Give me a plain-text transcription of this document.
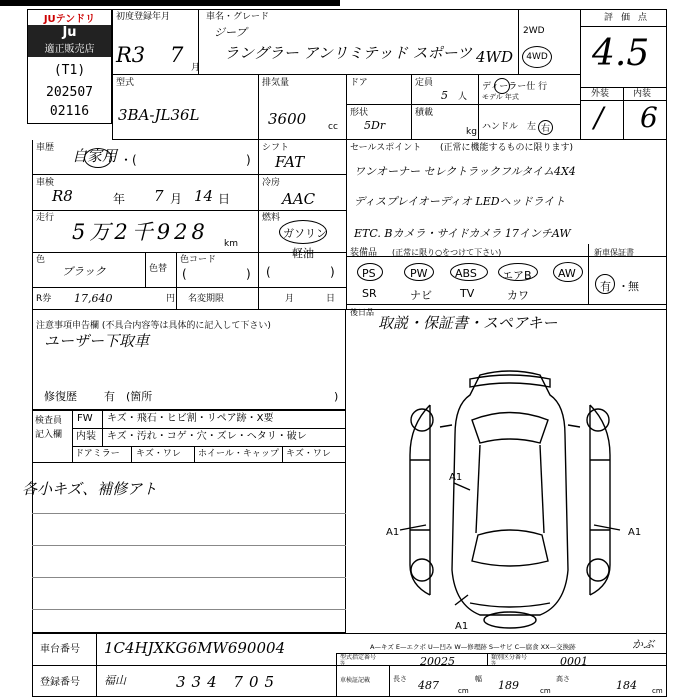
JUテンドリ
Ju
適正販売店
(T1)
202507
02116
初度登録年月
R3 7
月
車名・グレード
ジープ
ラングラー アンリミテッド スポーツ 4WD
2WD
4WD
評価点
4.5
外装	内装
/ 6
型式
3BA-JL36L
排気量
3600 cc
ドア	定員
5 人
ディーラー仕 行
モデル 年式
形状
5Dr
積載
kg ハンドル 左 右
車歴 自家用 ・(	)
シフト
FAT
セールスポイント (正常に機能するものに限ります)
ワンオーナー セレクトラックフルタイム4X4
ディスプレイオーディオ LEDヘッドライト
ETC. Bカメラ・サイドカメラ 17インチAW
車検
R8	年 7 月 14 日
冷房
AAC
走行
5万2千928 km
燃料
ガソリン
軽油
(	)
色
ブラック	色替
色コード
(	)
R券 17,640	円 名変期限	月	日
装備品 (正常に限り○をつけて下さい)	新車保証書
PS	PW ABS エアB AW
SR	ナビ	TV	カワ
有 ・ 無
後日品
取説・保証書・スペアキー
注意事項申告欄 (不具合内容等は具体的に記入して下さい)
ユーザー下取車
修復歴 有 (箇所	)
検査員
記入欄
FW キズ・飛石・ヒビ割・リペア跡・X要
内装 キズ・汚れ・コゲ・穴・ズレ・ヘタリ・破レ
ドアミラー キズ・ワレ ホイール・キャップ キズ・ワレ
各小キズ、補修アト
A1
A1	A1
A1
A—キズ E—エクボ U—凹み W—修理跡 S—サビ C—腐食 XX—交換跡	かぶ
車台番号 1C4HJXKG6MW690004
型式指定番号
等	20025	類別区分番号
等	0001
登録番号 福山	334 705	車検証記載	長さ 487	cm
幅 189	cm
高さ	184 cm
